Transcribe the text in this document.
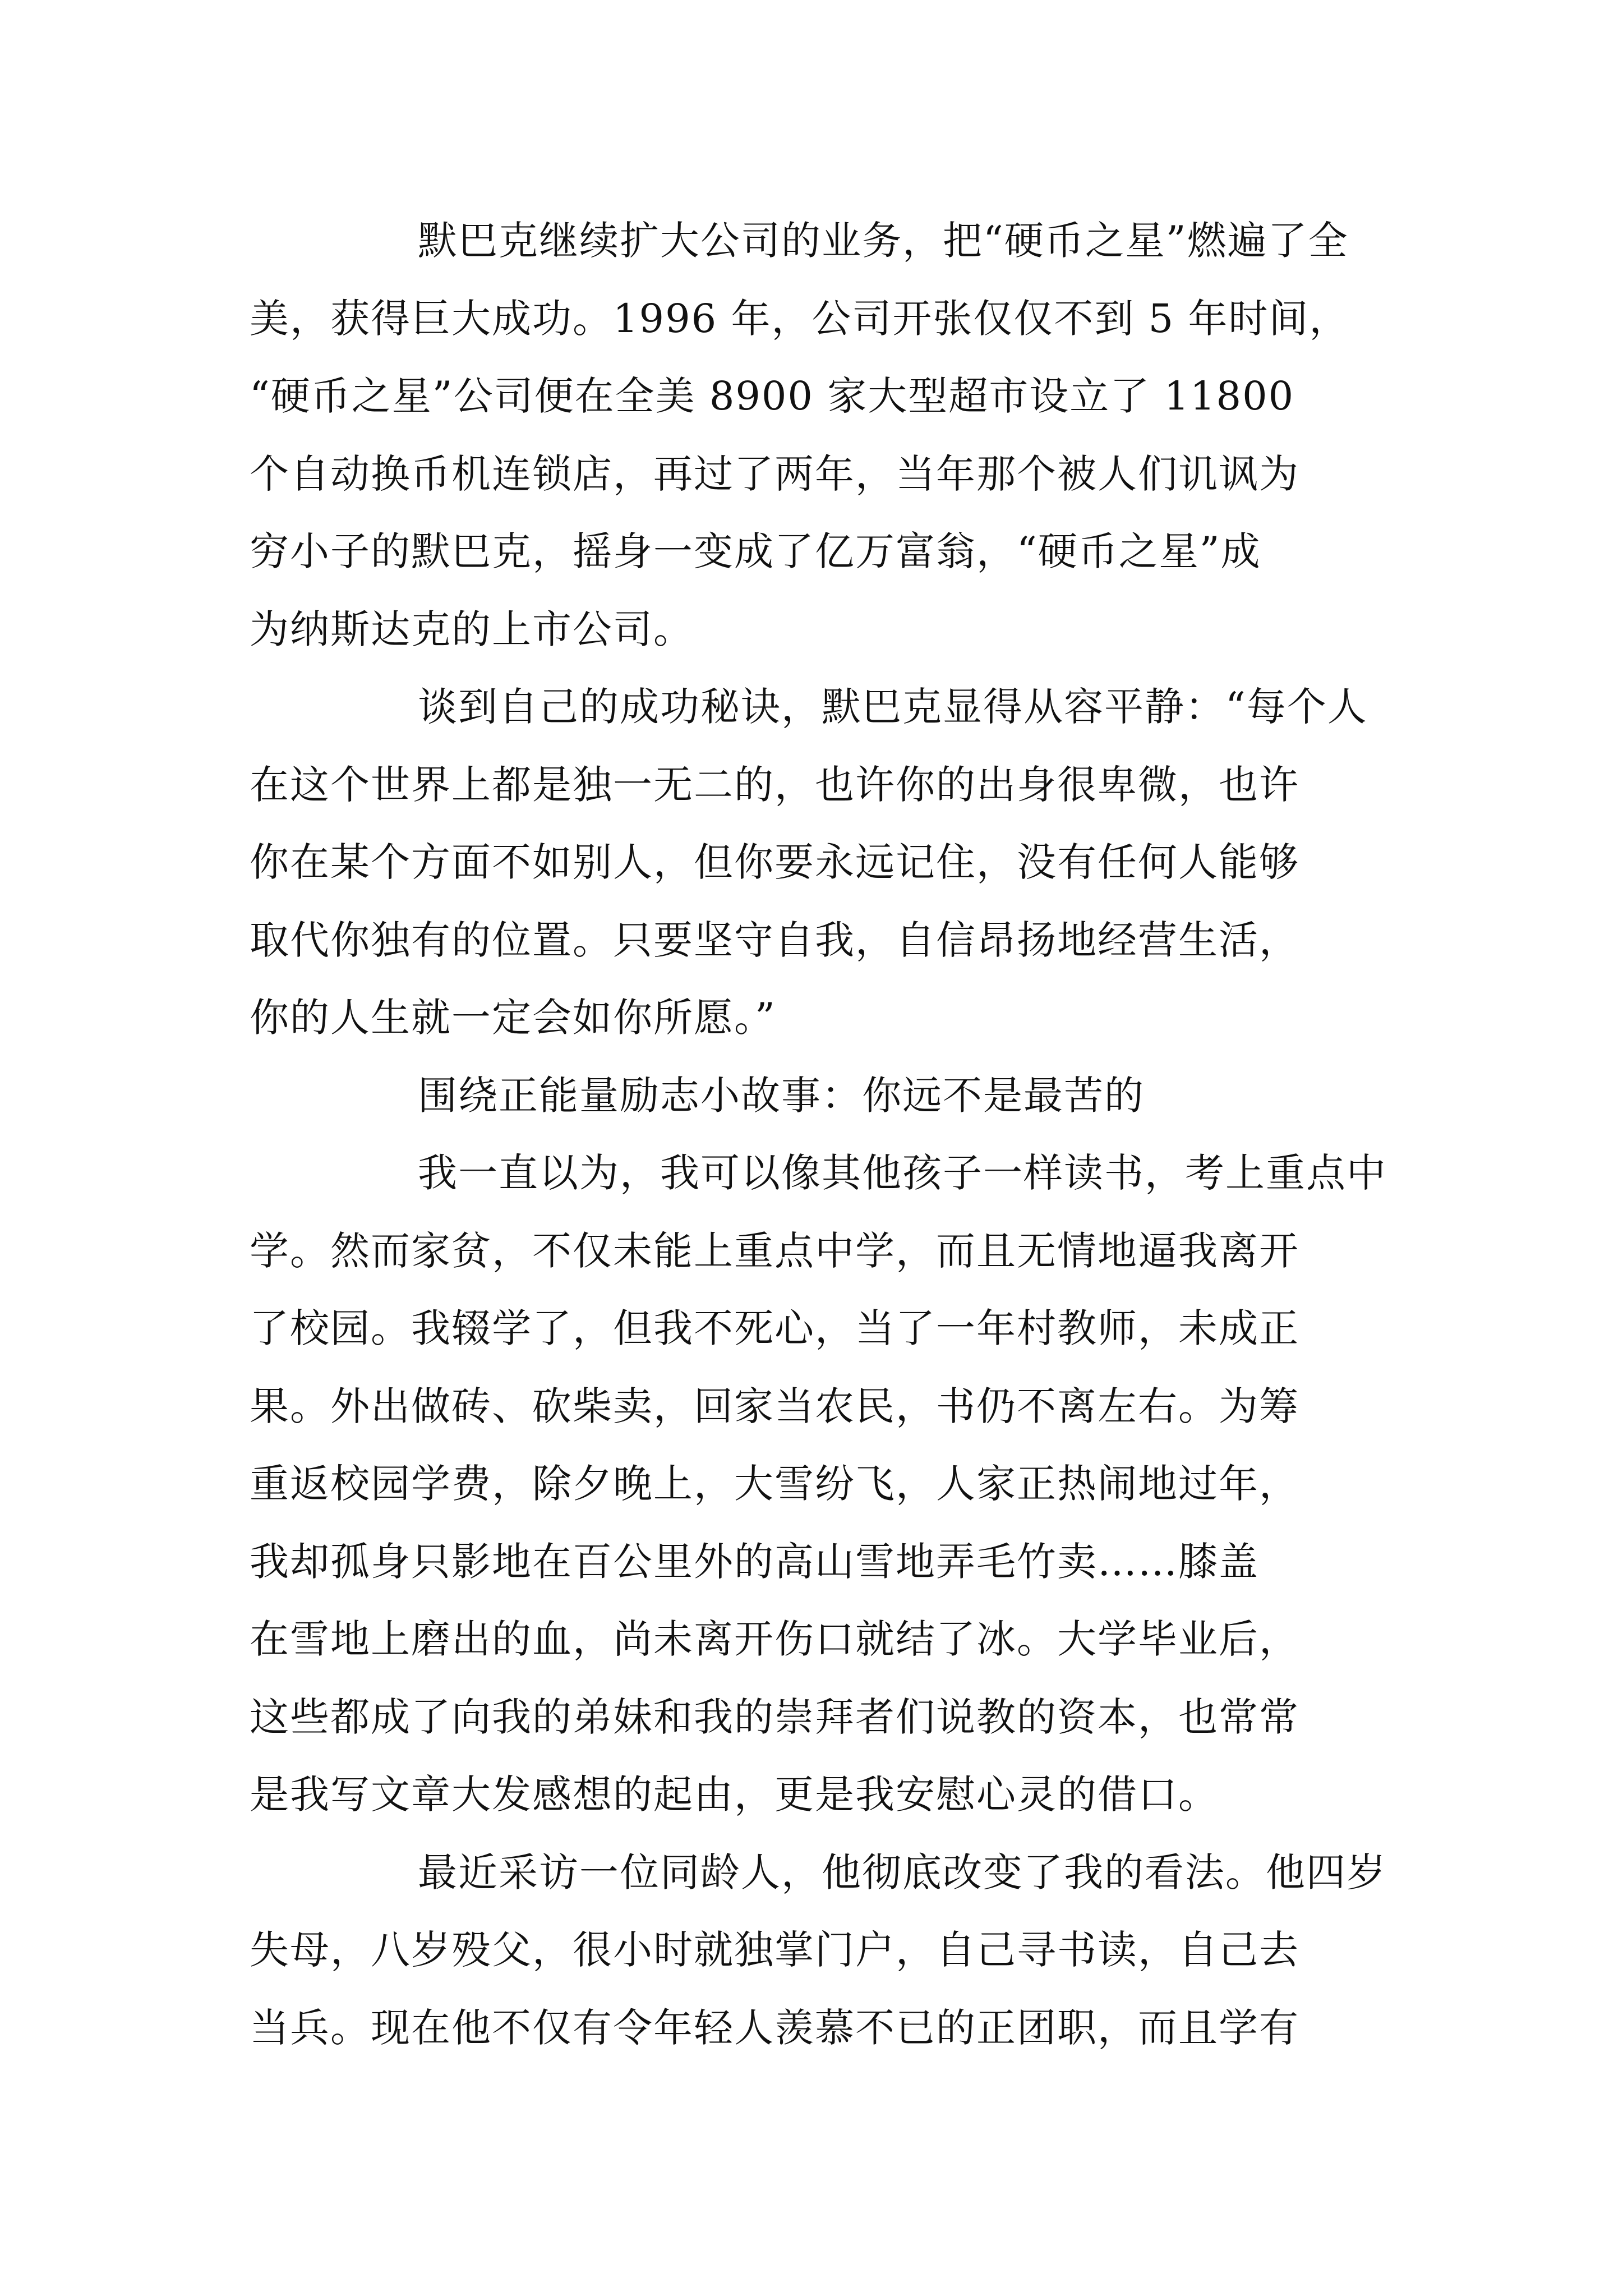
默巴克继续扩大公司的业务，把“硬币之星”燃遍了全
美，获得巨大成功。1996 年，公司开张仅仅不到 5 年时间，
“硬币之星”公司便在全美 8900 家大型超市设立了 11800
个自动换币机连锁店，再过了两年，当年那个被人们讥讽为
穷小子的默巴克，摇身一变成了亿万富翁，“硬币之星”成
为纳斯达克的上市公司。
谈到自己的成功秘诀，默巴克显得从容平静：“每个人
在这个世界上都是独一无二的，也许你的出身很卑微，也许
你在某个方面不如别人，但你要永远记住，没有任何人能够
取代你独有的位置。只要坚守自我，自信昂扬地经营生活，
你的人生就一定会如你所愿。”
围绕正能量励志小故事：你远不是最苦的
我一直以为，我可以像其他孩子一样读书，考上重点中
学。然而家贫，不仅未能上重点中学，而且无情地逼我离开
了校园。我辍学了，但我不死心，当了一年村教师，未成正
果。外出做砖、砍柴卖，回家当农民，书仍不离左右。为筹
重返校园学费，除夕晚上，大雪纷飞，人家正热闹地过年，
我却孤身只影地在百公里外的高山雪地弄毛竹卖……膝盖
在雪地上磨出的血，尚未离开伤口就结了冰。大学毕业后，
这些都成了向我的弟妹和我的崇拜者们说教的资本，也常常
是我写文章大发感想的起由，更是我安慰心灵的借口。
最近采访一位同龄人，他彻底改变了我的看法。他四岁
失母，八岁殁父，很小时就独掌门户，自己寻书读，自己去
当兵。现在他不仅有令年轻人羡慕不已的正团职，而且学有
